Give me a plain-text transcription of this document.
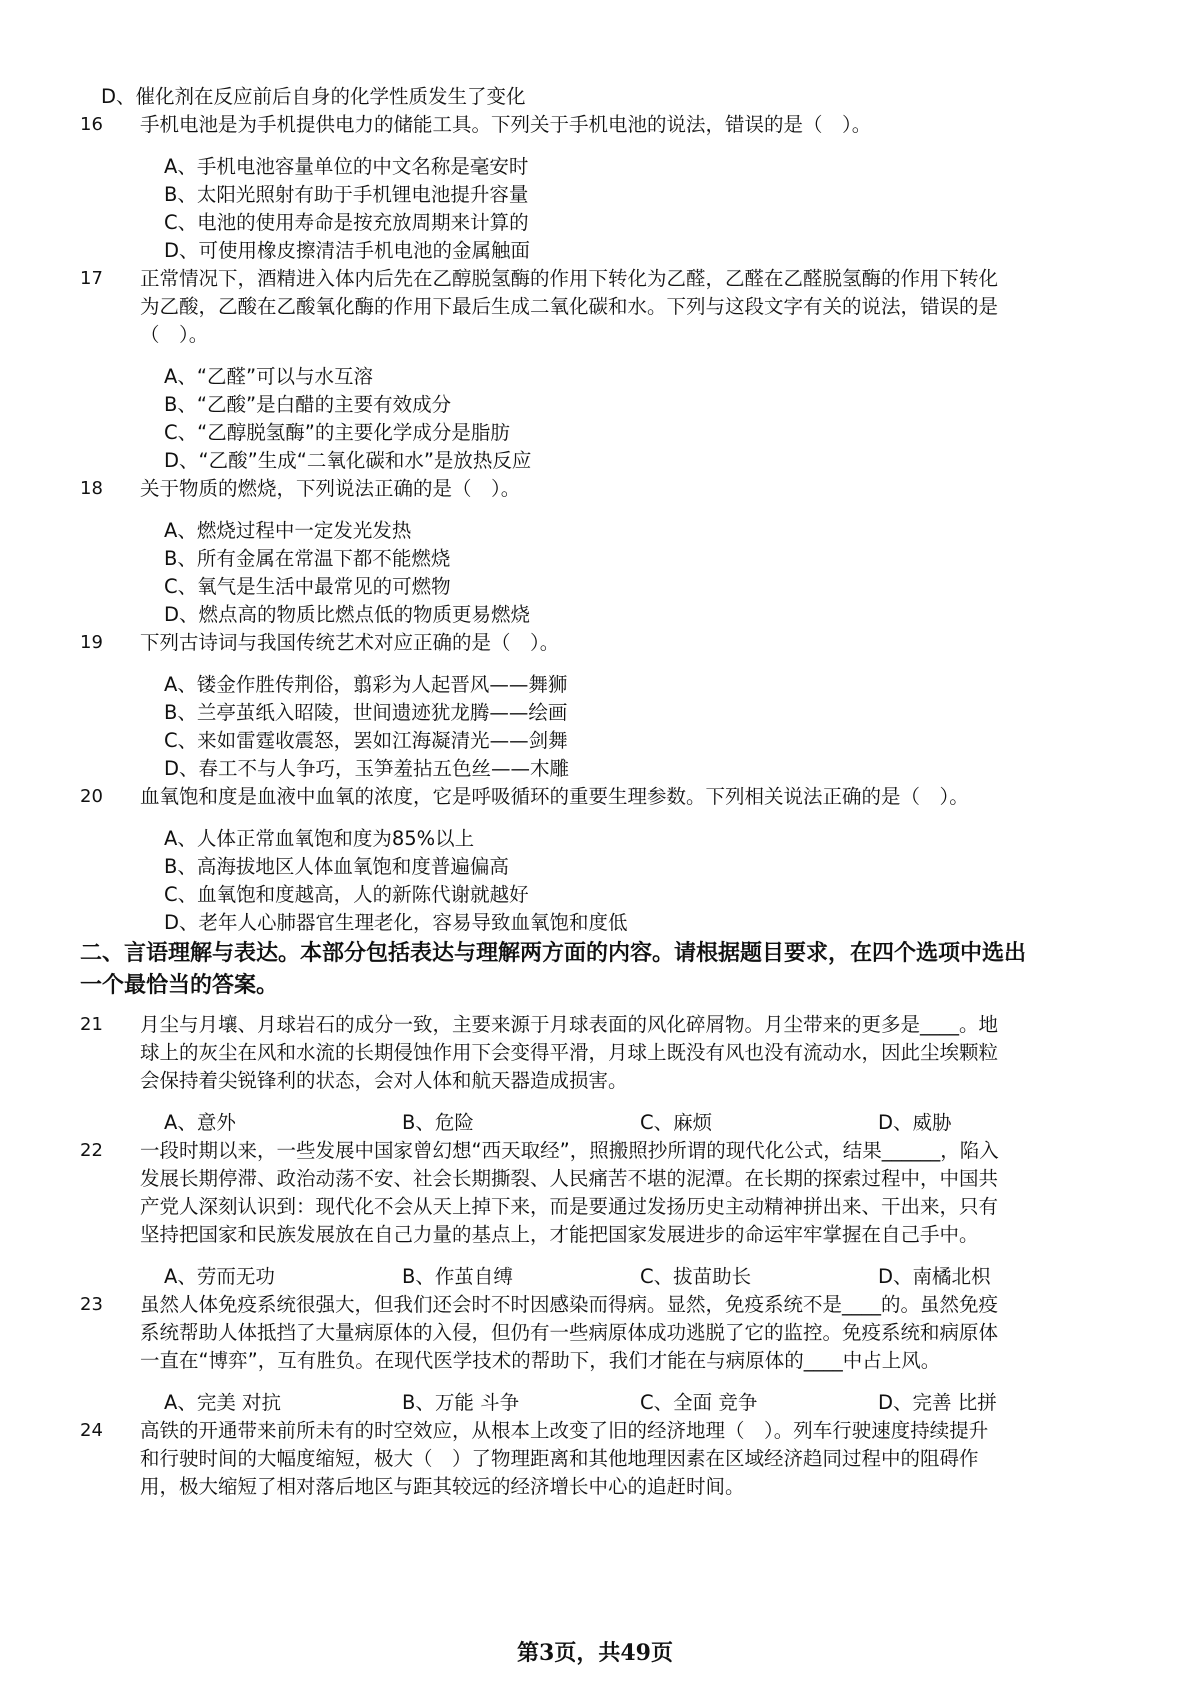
D、催化剂在反应前后自身的化学性质发生了变化
16 手机电池是为手机提供电力的储能工具。下列关于手机电池的说法，错误的是（　）。
A、手机电池容量单位的中文名称是毫安时
B、太阳光照射有助于手机锂电池提升容量
C、电池的使用寿命是按充放周期来计算的
D、可使用橡皮擦清洁手机电池的金属触面
17 正常情况下，酒精进入体内后先在乙醇脱氢酶的作用下转化为乙醛，乙醛在乙醛脱氢酶的作用下转化
为乙酸，乙酸在乙酸氧化酶的作用下最后生成二氧化碳和水。下列与这段文字有关的说法，错误的是
（　）。
A、“乙醛”可以与水互溶
B、“乙酸”是白醋的主要有效成分
C、“乙醇脱氢酶”的主要化学成分是脂肪
D、“乙酸”生成“二氧化碳和水”是放热反应
18 关于物质的燃烧，下列说法正确的是（　）。
A、燃烧过程中一定发光发热
B、所有金属在常温下都不能燃烧
C、氧气是生活中最常见的可燃物
D、燃点高的物质比燃点低的物质更易燃烧
19 下列古诗词与我国传统艺术对应正确的是（　）。
A、镂金作胜传荆俗，翦彩为人起晋风——舞狮
B、兰亭茧纸入昭陵，世间遗迹犹龙腾——绘画
C、来如雷霆收震怒，罢如江海凝清光——剑舞
D、春工不与人争巧，玉笋羞拈五色丝——木雕
20 血氧饱和度是血液中血氧的浓度，它是呼吸循环的重要生理参数。下列相关说法正确的是（　）。
A、人体正常血氧饱和度为85%以上
B、高海拔地区人体血氧饱和度普遍偏高
C、血氧饱和度越高，人的新陈代谢就越好
D、老年人心肺器官生理老化，容易导致血氧饱和度低
二、言语理解与表达。本部分包括表达与理解两方面的内容。请根据题目要求，在四个选项中选出
一个最恰当的答案。
21 月尘与月壤、月球岩石的成分一致，主要来源于月球表面的风化碎屑物。月尘带来的更多是____。地
球上的灰尘在风和水流的长期侵蚀作用下会变得平滑，月球上既没有风也没有流动水，因此尘埃颗粒
会保持着尖锐锋利的状态，会对人体和航天器造成损害。
A、意外	B、危险	C、麻烦	D、威胁
22 一段时期以来，一些发展中国家曾幻想“西天取经”，照搬照抄所谓的现代化公式，结果______，陷入
发展长期停滞、政治动荡不安、社会长期撕裂、人民痛苦不堪的泥潭。在长期的探索过程中，中国共
产党人深刻认识到：现代化不会从天上掉下来，而是要通过发扬历史主动精神拼出来、干出来，只有
坚持把国家和民族发展放在自己力量的基点上，才能把国家发展进步的命运牢牢掌握在自己手中。
A、劳而无功	B、作茧自缚	C、拔苗助长	D、南橘北枳
23 虽然人体免疫系统很强大，但我们还会时不时因感染而得病。显然，免疫系统不是____的。虽然免疫
系统帮助人体抵挡了大量病原体的入侵，但仍有一些病原体成功逃脱了它的监控。免疫系统和病原体
一直在“博弈”，互有胜负。在现代医学技术的帮助下，我们才能在与病原体的____中占上风。
A、完美 对抗	B、万能 斗争	C、全面 竞争	D、完善 比拼
24 高铁的开通带来前所未有的时空效应，从根本上改变了旧的经济地理（　）。列车行驶速度持续提升
和行驶时间的大幅度缩短，极大（　）了物理距离和其他地理因素在区域经济趋同过程中的阻碍作
用，极大缩短了相对落后地区与距其较远的经济增长中心的追赶时间。
第3页，共49页
